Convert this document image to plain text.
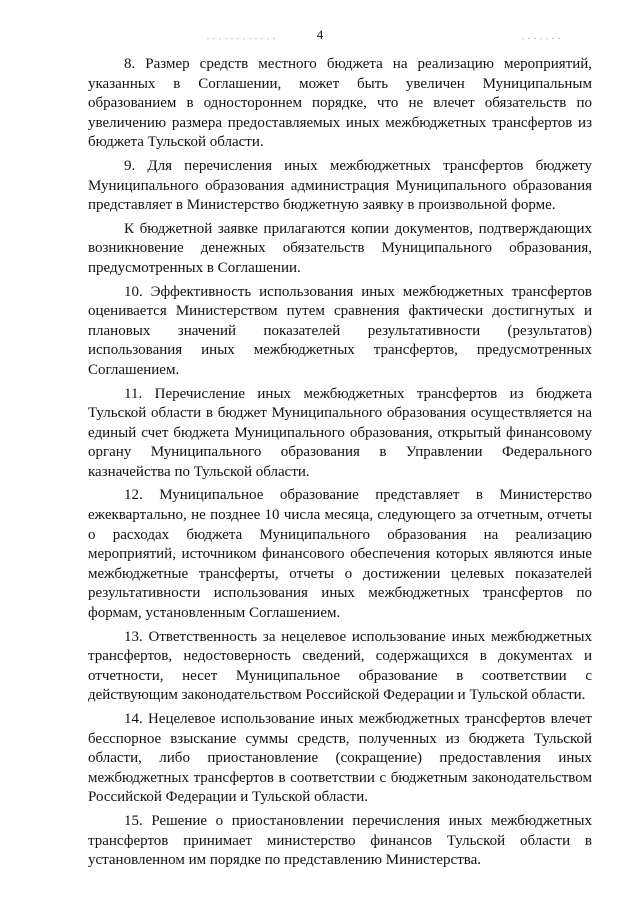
4

8. Размер средств местного бюджета на реализацию мероприятий, указанных в Соглашении, может быть увеличен Муниципальным образованием в одностороннем порядке, что не влечет обязательств по увеличению размера предоставляемых иных межбюджетных трансфертов из бюджета Тульской области.

9. Для перечисления иных межбюджетных трансфертов бюджету Муниципального образования администрация Муниципального образования представляет в Министерство бюджетную заявку в произвольной форме.

К бюджетной заявке прилагаются копии документов, подтверждающих возникновение денежных обязательств Муниципального образования, предусмотренных в Соглашении.

10. Эффективность использования иных межбюджетных трансфертов оценивается Министерством путем сравнения фактически достигнутых и плановых значений показателей результативности (результатов) использования иных межбюджетных трансфертов, предусмотренных Соглашением.

11. Перечисление иных межбюджетных трансфертов из бюджета Тульской области в бюджет Муниципального образования осуществляется на единый счет бюджета Муниципального образования, открытый финансовому органу Муниципального образования в Управлении Федерального казначейства по Тульской области.

12. Муниципальное образование представляет в Министерство ежеквартально, не позднее 10 числа месяца, следующего за отчетным, отчеты о расходах бюджета Муниципального образования на реализацию мероприятий, источником финансового обеспечения которых являются иные межбюджетные трансферты, отчеты о достижении целевых показателей результативности использования иных межбюджетных трансфертов по формам, установленным Соглашением.

13. Ответственность за нецелевое использование иных межбюджетных трансфертов, недостоверность сведений, содержащихся в документах и отчетности, несет Муниципальное образование в соответствии с действующим законодательством Российской Федерации и Тульской области.

14. Нецелевое использование иных межбюджетных трансфертов влечет бесспорное взыскание суммы средств, полученных из бюджета Тульской области, либо приостановление (сокращение) предоставления иных межбюджетных трансфертов в соответствии с бюджетным законодательством Российской Федерации и Тульской области.

15. Решение о приостановлении перечисления иных межбюджетных трансфертов принимает министерство финансов Тульской области в установленном им порядке по представлению Министерства.
